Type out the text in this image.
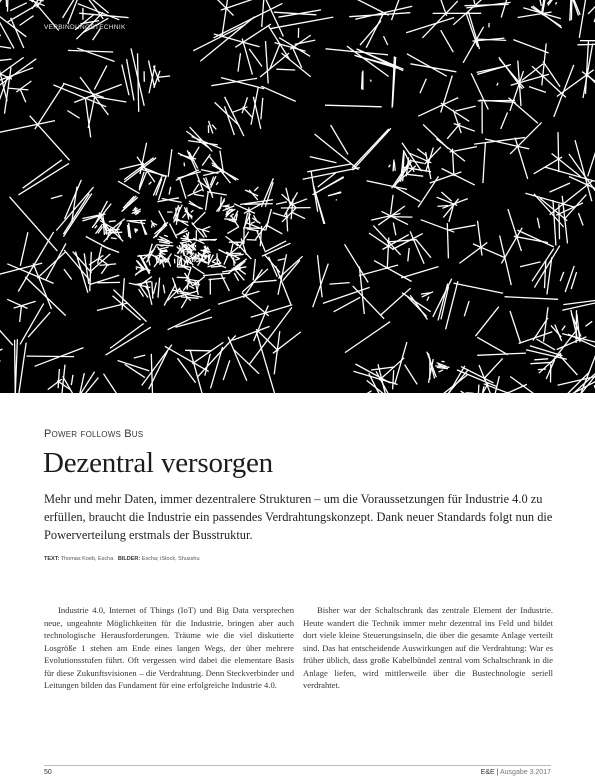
VERBINDUNGSTECHNIK
Power follows Bus
Dezentral versorgen

Mehr und mehr Daten, immer dezentralere Strukturen – um die Voraussetzungen für Industrie 4.0 zu erfüllen, braucht die Industrie ein passendes Verdrahtungskonzept. Dank neuer Standards folgt nun die Powerverteilung erstmals der Busstruktur.

TEXT: Thomas Koeb, Escha BILDER: Escha; iStock, Shusshu

Industrie 4.0, Internet of Things (IoT) und Big Data versprechen neue, ungeahnte Möglichkeiten für die Industrie, bringen aber auch technologische Herausforderungen. Träume wie die viel diskutierte Losgröße 1 stehen am Ende eines langen Wegs, der über mehrere Evolutionsstufen führt. Oft vergessen wird dabei die elementare Basis für diese Zukunftsvisionen – die Verdrahtung. Denn Steckverbinder und Leitungen bilden das Fundament für eine erfolgreiche Industrie 4.0.

Bisher war der Schaltschrank das zentrale Element der Industrie. Heute wandert die Technik immer mehr dezentral ins Feld und bildet dort viele kleine Steuerungsinseln, die über die gesamte Anlage verteilt sind. Das hat entscheidende Auswirkungen auf die Verdrahtung: War es früher üblich, dass große Kabelbündel zentral vom Schaltschrank in die Anlage liefen, wird mittlerweile über die Bustechnologie seriell verdrahtet.

50	E&E | Ausgabe 3.2017
